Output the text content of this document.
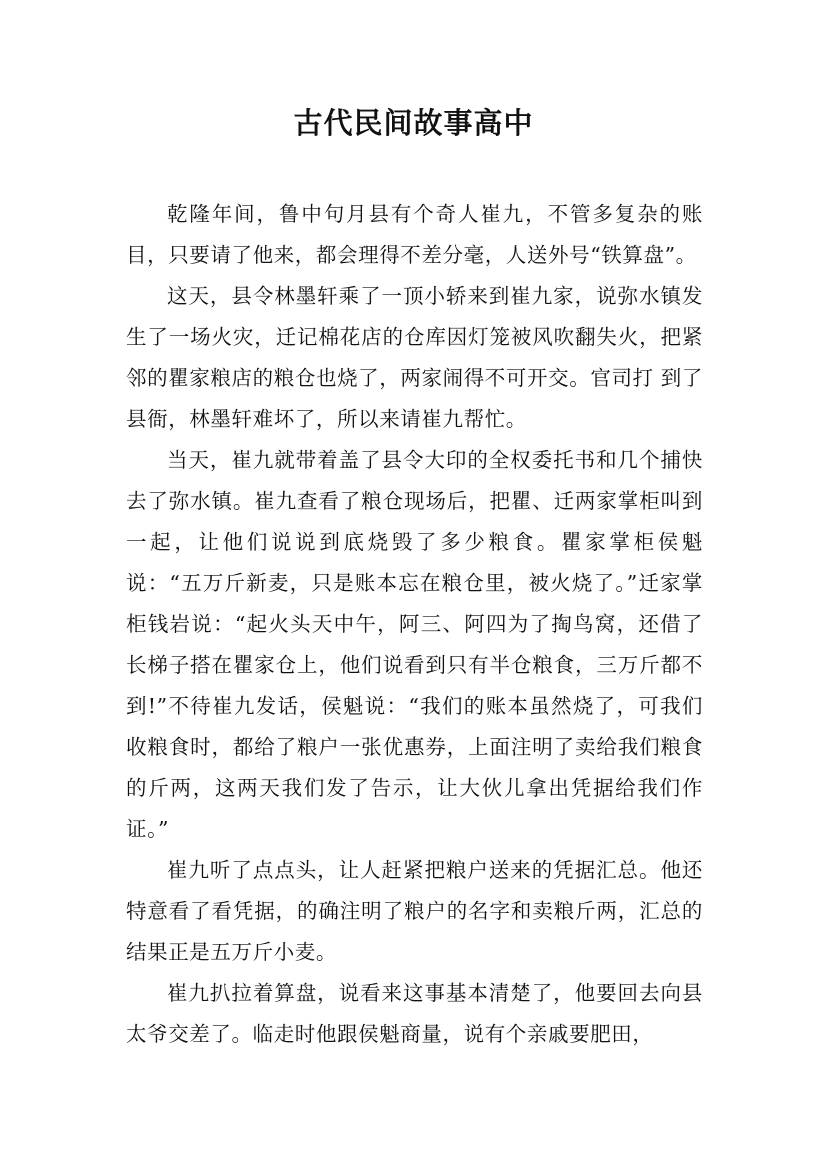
古代民间故事高中

乾隆年间，鲁中句月县有个奇人崔九，不管多复杂的账目，只要请了他来，都会理得不差分毫，人送外号“铁算盘”。

这天，县令林墨轩乘了一顶小轿来到崔九家，说弥水镇发生了一场火灾，迁记棉花店的仓库因灯笼被风吹翻失火，把紧邻的瞿家粮店的粮仓也烧了，两家闹得不可开交。官司打 到了县衙，林墨轩难坏了，所以来请崔九帮忙。

当天，崔九就带着盖了县令大印的全权委托书和几个捕快去了弥水镇。崔九查看了粮仓现场后，把瞿、迁两家掌柜叫到一起，让他们说说到底烧毁了多少粮食。瞿家掌柜侯魁说：“五万斤新麦，只是账本忘在粮仓里，被火烧了。”迁家掌柜钱岩说：“起火头天中午，阿三、阿四为了掏鸟窝，还借了长梯子搭在瞿家仓上，他们说看到只有半仓粮食，三万斤都不到!”不待崔九发话，侯魁说：“我们的账本虽然烧了，可我们收粮食时，都给了粮户一张优惠券，上面注明了卖给我们粮食的斤两，这两天我们发了告示，让大伙儿拿出凭据给我们作证。”

崔九听了点点头，让人赶紧把粮户送来的凭据汇总。他还特意看了看凭据，的确注明了粮户的名字和卖粮斤两，汇总的结果正是五万斤小麦。

崔九扒拉着算盘，说看来这事基本清楚了，他要回去向县太爷交差了。临走时他跟侯魁商量，说有个亲戚要肥田，
